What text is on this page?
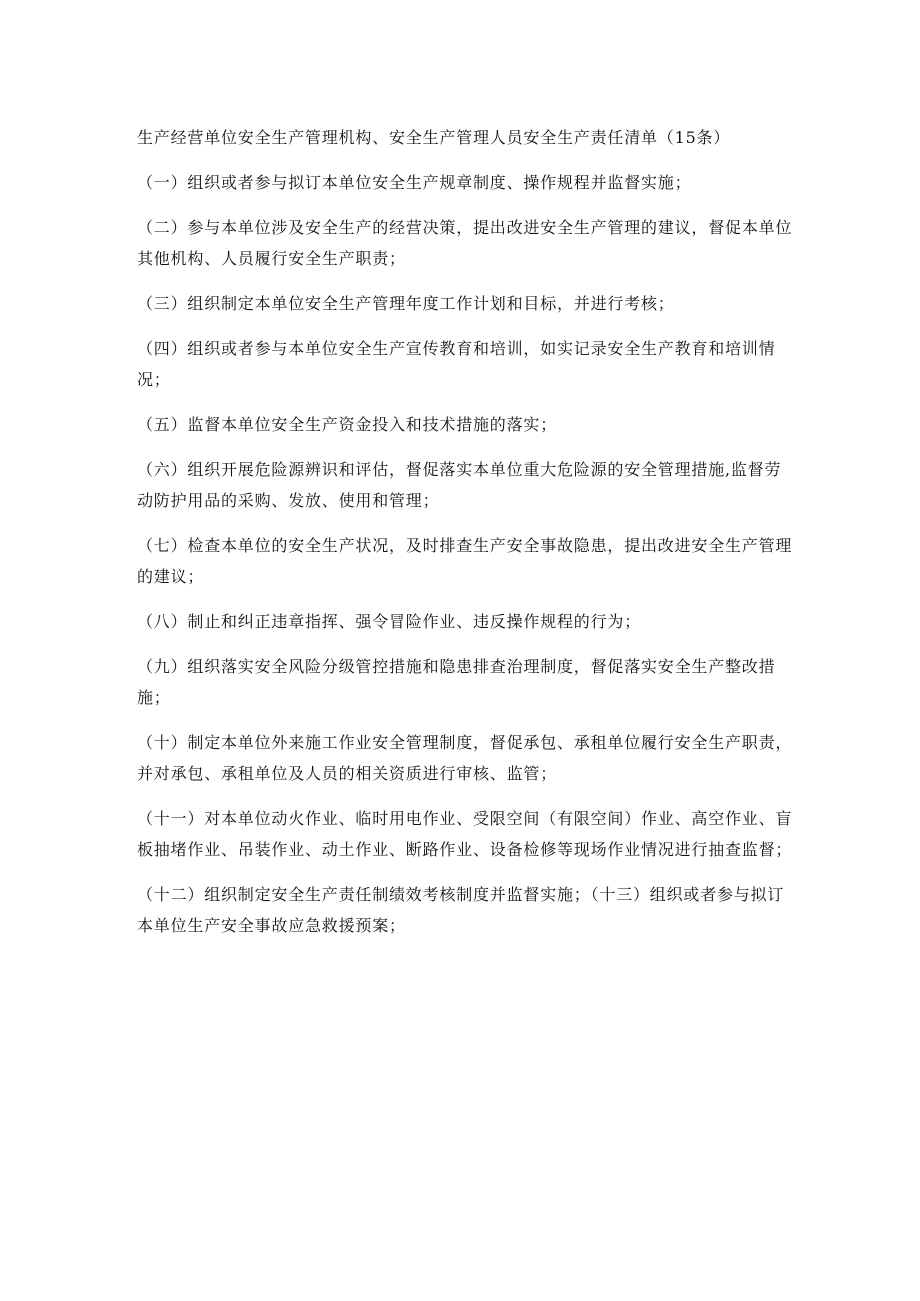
生产经营单位安全生产管理机构、安全生产管理人员安全生产责任清单（15条）

（一）组织或者参与拟订本单位安全生产规章制度、操作规程并监督实施；

（二）参与本单位涉及安全生产的经营决策，提出改进安全生产管理的建议，督促本单位其他机构、人员履行安全生产职责；

（三）组织制定本单位安全生产管理年度工作计划和目标，并进行考核；

（四）组织或者参与本单位安全生产宣传教育和培训，如实记录安全生产教育和培训情况；

（五）监督本单位安全生产资金投入和技术措施的落实；

（六）组织开展危险源辨识和评估，督促落实本单位重大危险源的安全管理措施,监督劳动防护用品的采购、发放、使用和管理；

（七）检查本单位的安全生产状况，及时排查生产安全事故隐患，提出改进安全生产管理的建议；

（八）制止和纠正违章指挥、强令冒险作业、违反操作规程的行为；

（九）组织落实安全风险分级管控措施和隐患排查治理制度，督促落实安全生产整改措施；

（十）制定本单位外来施工作业安全管理制度，督促承包、承租单位履行安全生产职责，并对承包、承租单位及人员的相关资质进行审核、监管；

（十一）对本单位动火作业、临时用电作业、受限空间（有限空间）作业、高空作业、盲板抽堵作业、吊装作业、动土作业、断路作业、设备检修等现场作业情况进行抽查监督；

（十二）组织制定安全生产责任制绩效考核制度并监督实施；（十三）组织或者参与拟订本单位生产安全事故应急救援预案；
